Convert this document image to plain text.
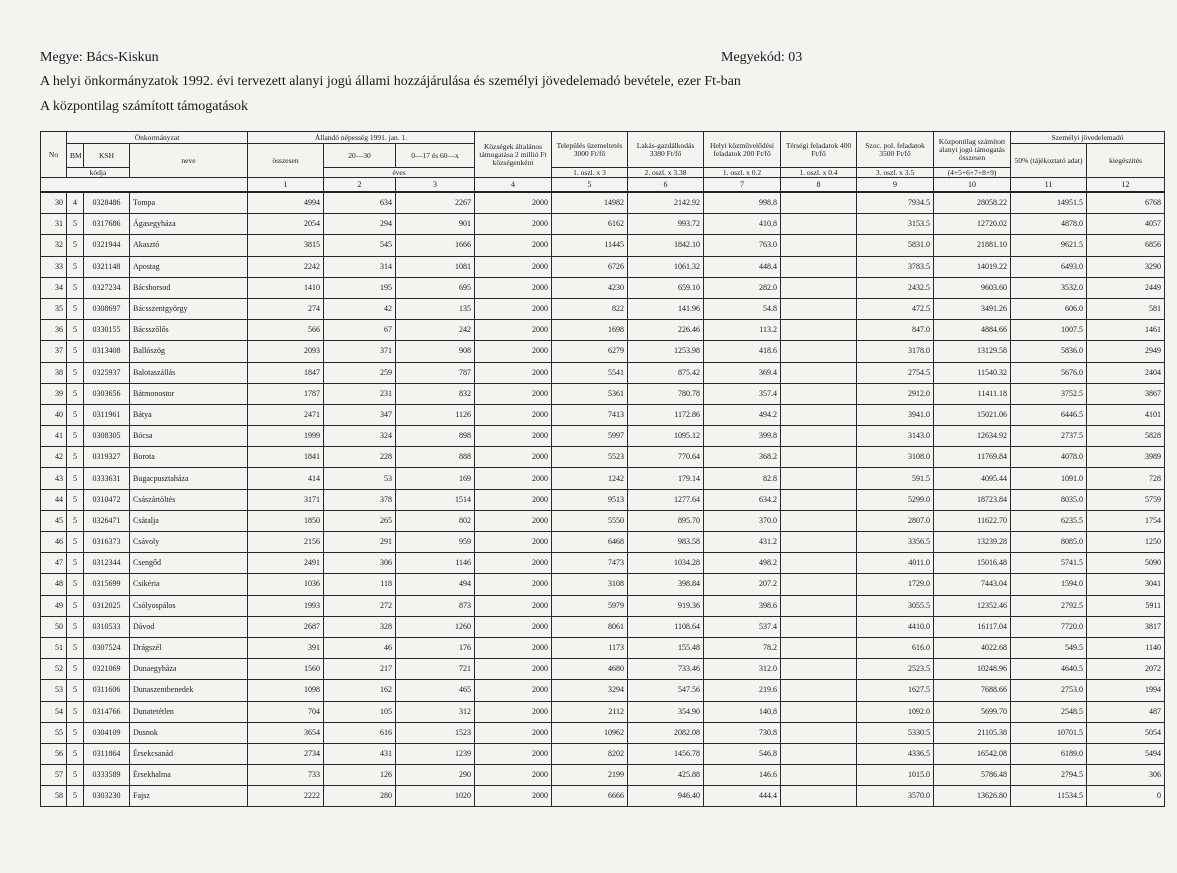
Megye: Bács-Kiskun	Megyekód: 03
A helyi önkormányzatok 1992. évi tervezett alanyi jogú állami hozzájárulása és személyi jövedelemadó bevétele, ezer Ft-ban
A központilag számított támogatások
No	Önkormányzat			Állandó népesség 1991. jan. 1.			Községek általános támogatása 2 millió Ft községenként	Település üzemeltetés 3000 Ft/fő	Lakás-gazdálkodás 3380 Ft/fő	Helyi közművelődési feladatok 200 Ft/fő	Térségi feladatok 400 Ft/fő	Szoc. pol. feladatok 3500 Ft/fő	Központilag számított alanyi jogú támogatás összesen	Személyi jövedelemadó	
	BM	KSH	neve	összesen	20—30	0—17 és 60—x								50% (tájékoztató adat)	kiegészítés
	kódja				éves			1. oszl. x 3	2. oszl. x 3.38	1. oszl. x 0.2	1. oszl. x 0.4	3. oszl. x 3.5	(4+5+6+7+8+9)		
				1	2	3	4	5	6	7	8	9	10	11	12
30	4	0328486	Tompa	4994	634	2267	2000	14982	2142.92	998.8		7934.5	28058.22	14951.5	6768
31	5	0317686	Ágasegyháza	2054	294	901	2000	6162	993.72	410.8		3153.5	12720.02	4878.0	4057
32	5	0321944	Akasztó	3815	545	1666	2000	11445	1842.10	763.0		5831.0	21881.10	9621.5	6856
33	5	0321148	Apostag	2242	314	1081	2000	6726	1061.32	448.4		3783.5	14019.22	6493.0	3290
34	5	0327234	Bácsborsod	1410	195	695	2000	4230	659.10	282.0		2432.5	9603.60	3532.0	2449
35	5	0308697	Bácsszentgyörgy	274	42	135	2000	822	141.96	54.8		472.5	3491.26	606.0	581
36	5	0330155	Bácsszőlős	566	67	242	2000	1698	226.46	113.2		847.0	4884.66	1007.5	1461
37	5	0313408	Ballószög	2093	371	908	2000	6279	1253.98	418.6		3178.0	13129.58	5836.0	2949
38	5	0325937	Balotaszállás	1847	259	787	2000	5541	875.42	369.4		2754.5	11540.32	5676.0	2404
39	5	0303656	Bátmonostor	1787	231	832	2000	5361	780.78	357.4		2912.0	11411.18	3752.5	3867
40	5	0311961	Bátya	2471	347	1126	2000	7413	1172.86	494.2		3941.0	15021.06	6446.5	4101
41	5	0308305	Bócsa	1999	324	898	2000	5997	1095.12	399.8		3143.0	12634.92	2737.5	5828
42	5	0319327	Borota	1841	228	888	2000	5523	770.64	368.2		3108.0	11769.84	4078.0	3989
43	5	0333631	Bugacpusztaháza	414	53	169	2000	1242	179.14	82.8		591.5	4095.44	1091.0	728
44	5	0310472	Császártöltés	3171	378	1514	2000	9513	1277.64	634.2		5299.0	18723.84	8035.0	5759
45	5	0326471	Csátalja	1850	265	802	2000	5550	895.70	370.0		2807.0	11622.70	6235.5	1754
46	5	0316373	Csávoly	2156	291	959	2000	6468	983.58	431.2		3356.5	13239.28	8085.0	1250
47	5	0312344	Csengőd	2491	306	1146	2000	7473	1034.28	498.2		4011.0	15016.48	5741.5	5090
48	5	0315699	Csikéria	1036	118	494	2000	3108	398.84	207.2		1729.0	7443.04	1594.0	3041
49	5	0312025	Csólyospálos	1993	272	873	2000	5979	919.36	398.6		3055.5	12352.46	2792.5	5911
50	5	0310533	Dávod	2687	328	1260	2000	8061	1108.64	537.4		4410.0	16117.04	7720.0	3817
51	5	0307524	Drágszél	391	46	176	2000	1173	155.48	78.2		616.0	4022.68	549.5	1140
52	5	0321069	Dunaegyháza	1560	217	721	2000	4680	733.46	312.0		2523.5	10248.96	4640.5	2072
53	5	0311606	Dunaszentbenedek	1098	162	465	2000	3294	547.56	219.6		1627.5	7688.66	2753.0	1994
54	5	0314766	Dunatetétlen	704	105	312	2000	2112	354.90	140.8		1092.0	5699.70	2548.5	487
55	5	0304109	Dusnok	3654	616	1523	2000	10962	2082.08	730.8		5330.5	21105.38	10701.5	5054
56	5	0311864	Érsekcsanád	2734	431	1239	2000	8202	1456.78	546.8		4336.5	16542.08	6189.0	5494
57	5	0333589	Érsekhalma	733	126	290	2000	2199	425.88	146.6		1015.0	5786.48	2794.5	306
58	5	0303230	Fajsz	2222	280	1020	2000	6666	946.40	444.4		3570.0	13626.80	11534.5	0
